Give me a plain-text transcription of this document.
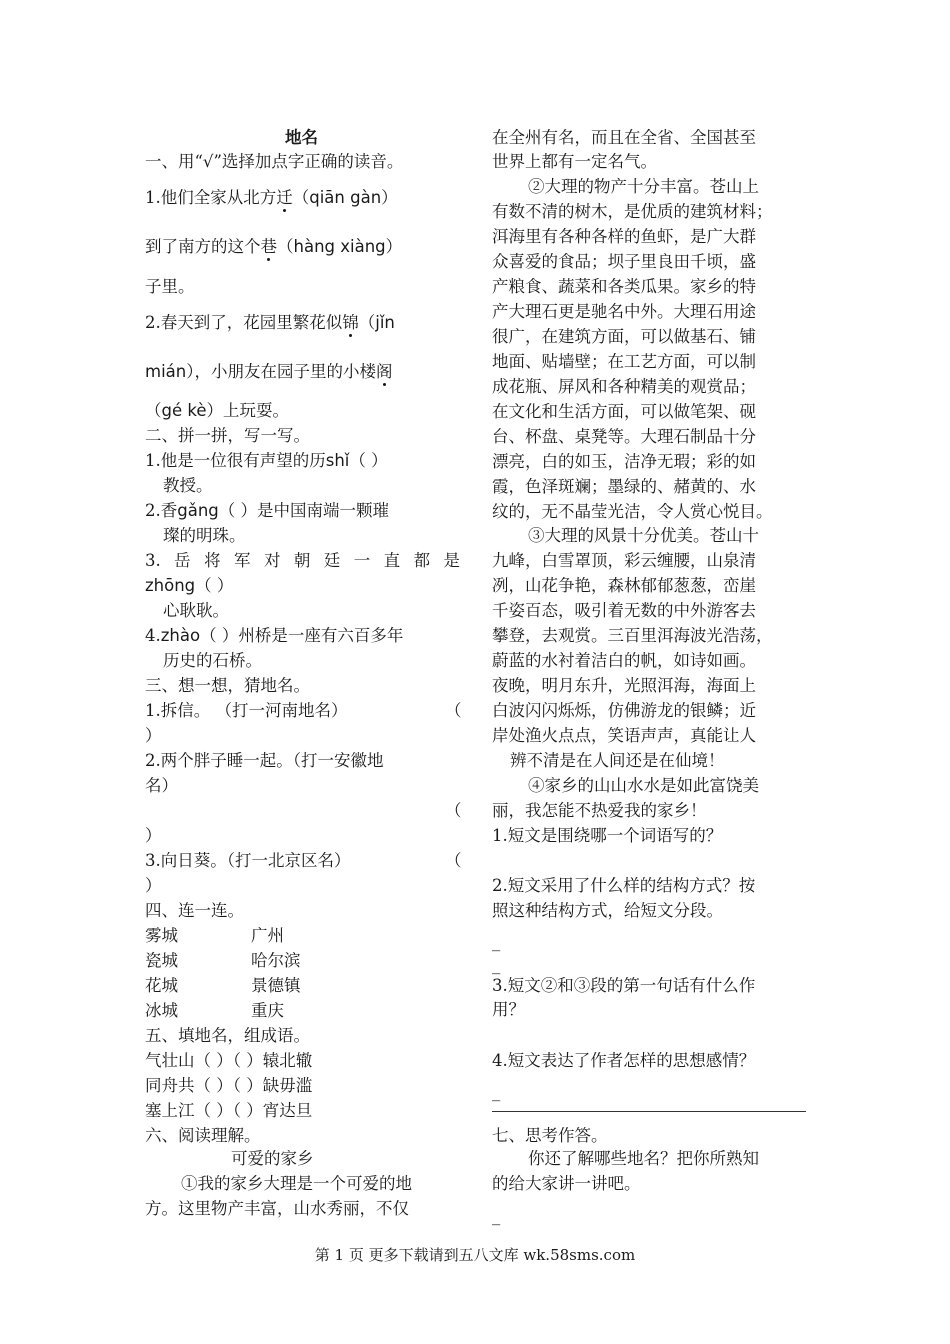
地名
一、用“√”选择加点字正确的读音。
1.他们全家从北方迁（qiān gàn）
到了南方的这个巷（hàng xiàng）
子里。
2.春天到了，花园里繁花似锦（jǐn
mián），小朋友在园子里的小楼阁
（gé kè）上玩耍。
二、拼一拼，写一写。
1.他是一位很有声望的历shǐ（ ）
教授。
2.香gǎng（ ）是中国南端一颗璀
璨的明珠。
3.岳将军对朝廷一直都是
zhōng（ ）
心耿耿。
4.zhào（ ）州桥是一座有六百多年
历史的石桥。
三、想一想，猜地名。
1.拆信。 （打一河南地名）	（
）
2.两个胖子睡一起。（打一安徽地
名）
（
）
3.向日葵。（打一北京区名）	（
）
四、连一连。
雾城	广州
瓷城	哈尔滨
花城	景德镇
冰城	重庆
五、填地名，组成语。
气壮山（ ）（ ）辕北辙
同舟共（ ）（ ）缺毋滥
塞上江（ ）（ ）宵达旦
六、阅读理解。
可爱的家乡
①我的家乡大理是一个可爱的地
方。这里物产丰富，山水秀丽，不仅
在全州有名，而且在全省、全国甚至
世界上都有一定名气。
②大理的物产十分丰富。苍山上
有数不清的树木，是优质的建筑材料；
洱海里有各种各样的鱼虾，是广大群
众喜爱的食品；坝子里良田千顷，盛
产粮食、蔬菜和各类瓜果。家乡的特
产大理石更是驰名中外。大理石用途
很广，在建筑方面，可以做基石、铺
地面、贴墙壁；在工艺方面，可以制
成花瓶、屏风和各种精美的观赏品；
在文化和生活方面，可以做笔架、砚
台、杯盘、桌凳等。大理石制品十分
漂亮，白的如玉，洁净无瑕；彩的如
霞，色泽斑斓；墨绿的、赭黄的、水
纹的，无不晶莹光洁，令人赏心悦目。
③大理的风景十分优美。苍山十
九峰，白雪罩顶，彩云缠腰，山泉清
冽，山花争艳，森林郁郁葱葱，峦崖
千姿百态，吸引着无数的中外游客去
攀登，去观赏。三百里洱海波光浩荡，
蔚蓝的水衬着洁白的帆，如诗如画。
夜晚，明月东升，光照洱海，海面上
白波闪闪烁烁，仿佛游龙的银鳞；近
岸处渔火点点，笑语声声，真能让人
辨不清是在人间还是在仙境！
④家乡的山山水水是如此富饶美
丽，我怎能不热爱我的家乡！
1.短文是围绕哪一个词语写的？
2.短文采用了什么样的结构方式？按
照这种结构方式，给短文分段。
_
_
3.短文②和③段的第一句话有什么作
用？
4.短文表达了作者怎样的思想感情？
_
七、思考作答。
你还了解哪些地名？把你所熟知
的给大家讲一讲吧。
_
第 1 页 更多下载请到五八文库 wk.58sms.com
